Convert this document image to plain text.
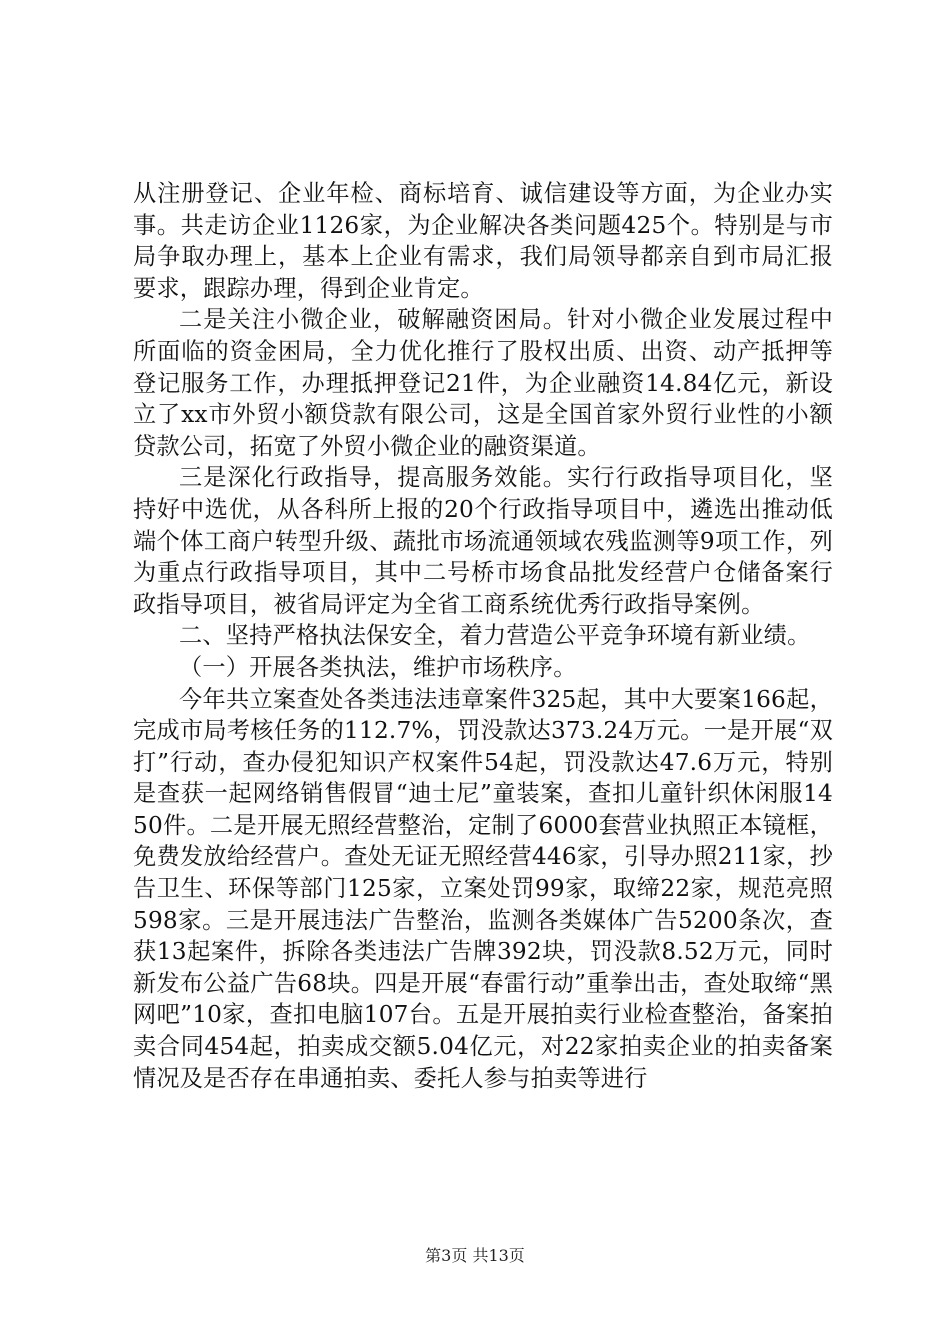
从注册登记、企业年检、商标培育、诚信建设等方面，为企业办实事。共走访企业1126家，为企业解决各类问题425个。特别是与市局争取办理上，基本上企业有需求，我们局领导都亲自到市局汇报要求，跟踪办理，得到企业肯定。

二是关注小微企业，破解融资困局。针对小微企业发展过程中所面临的资金困局，全力优化推行了股权出质、出资、动产抵押等登记服务工作，办理抵押登记21件，为企业融资14.84亿元，新设立了xx市外贸小额贷款有限公司，这是全国首家外贸行业性的小额贷款公司，拓宽了外贸小微企业的融资渠道。

三是深化行政指导，提高服务效能。实行行政指导项目化，坚持好中选优，从各科所上报的20个行政指导项目中，遴选出推动低端个体工商户转型升级、蔬批市场流通领域农残监测等9项工作，列为重点行政指导项目，其中二号桥市场食品批发经营户仓储备案行政指导项目，被省局评定为全省工商系统优秀行政指导案例。

二、坚持严格执法保安全，着力营造公平竞争环境有新业绩。

（一）开展各类执法，维护市场秩序。

今年共立案查处各类违法违章案件325起，其中大要案166起，完成市局考核任务的112.7%，罚没款达373.24万元。一是开展“双打”行动，查办侵犯知识产权案件54起，罚没款达47.6万元，特别是查获一起网络销售假冒“迪士尼”童装案，查扣儿童针织休闲服1450件。二是开展无照经营整治，定制了6000套营业执照正本镜框，免费发放给经营户。查处无证无照经营446家，引导办照211家，抄告卫生、环保等部门125家，立案处罚99家，取缔22家，规范亮照598家。三是开展违法广告整治，监测各类媒体广告5200条次，查获13起案件，拆除各类违法广告牌392块，罚没款8.52万元，同时新发布公益广告68块。四是开展“春雷行动”重拳出击，查处取缔“黑网吧”10家，查扣电脑107台。五是开展拍卖行业检查整治，备案拍卖合同454起，拍卖成交额5.04亿元，对22家拍卖企业的拍卖备案情况及是否存在串通拍卖、委托人参与拍卖等进行

第3页 共13页
